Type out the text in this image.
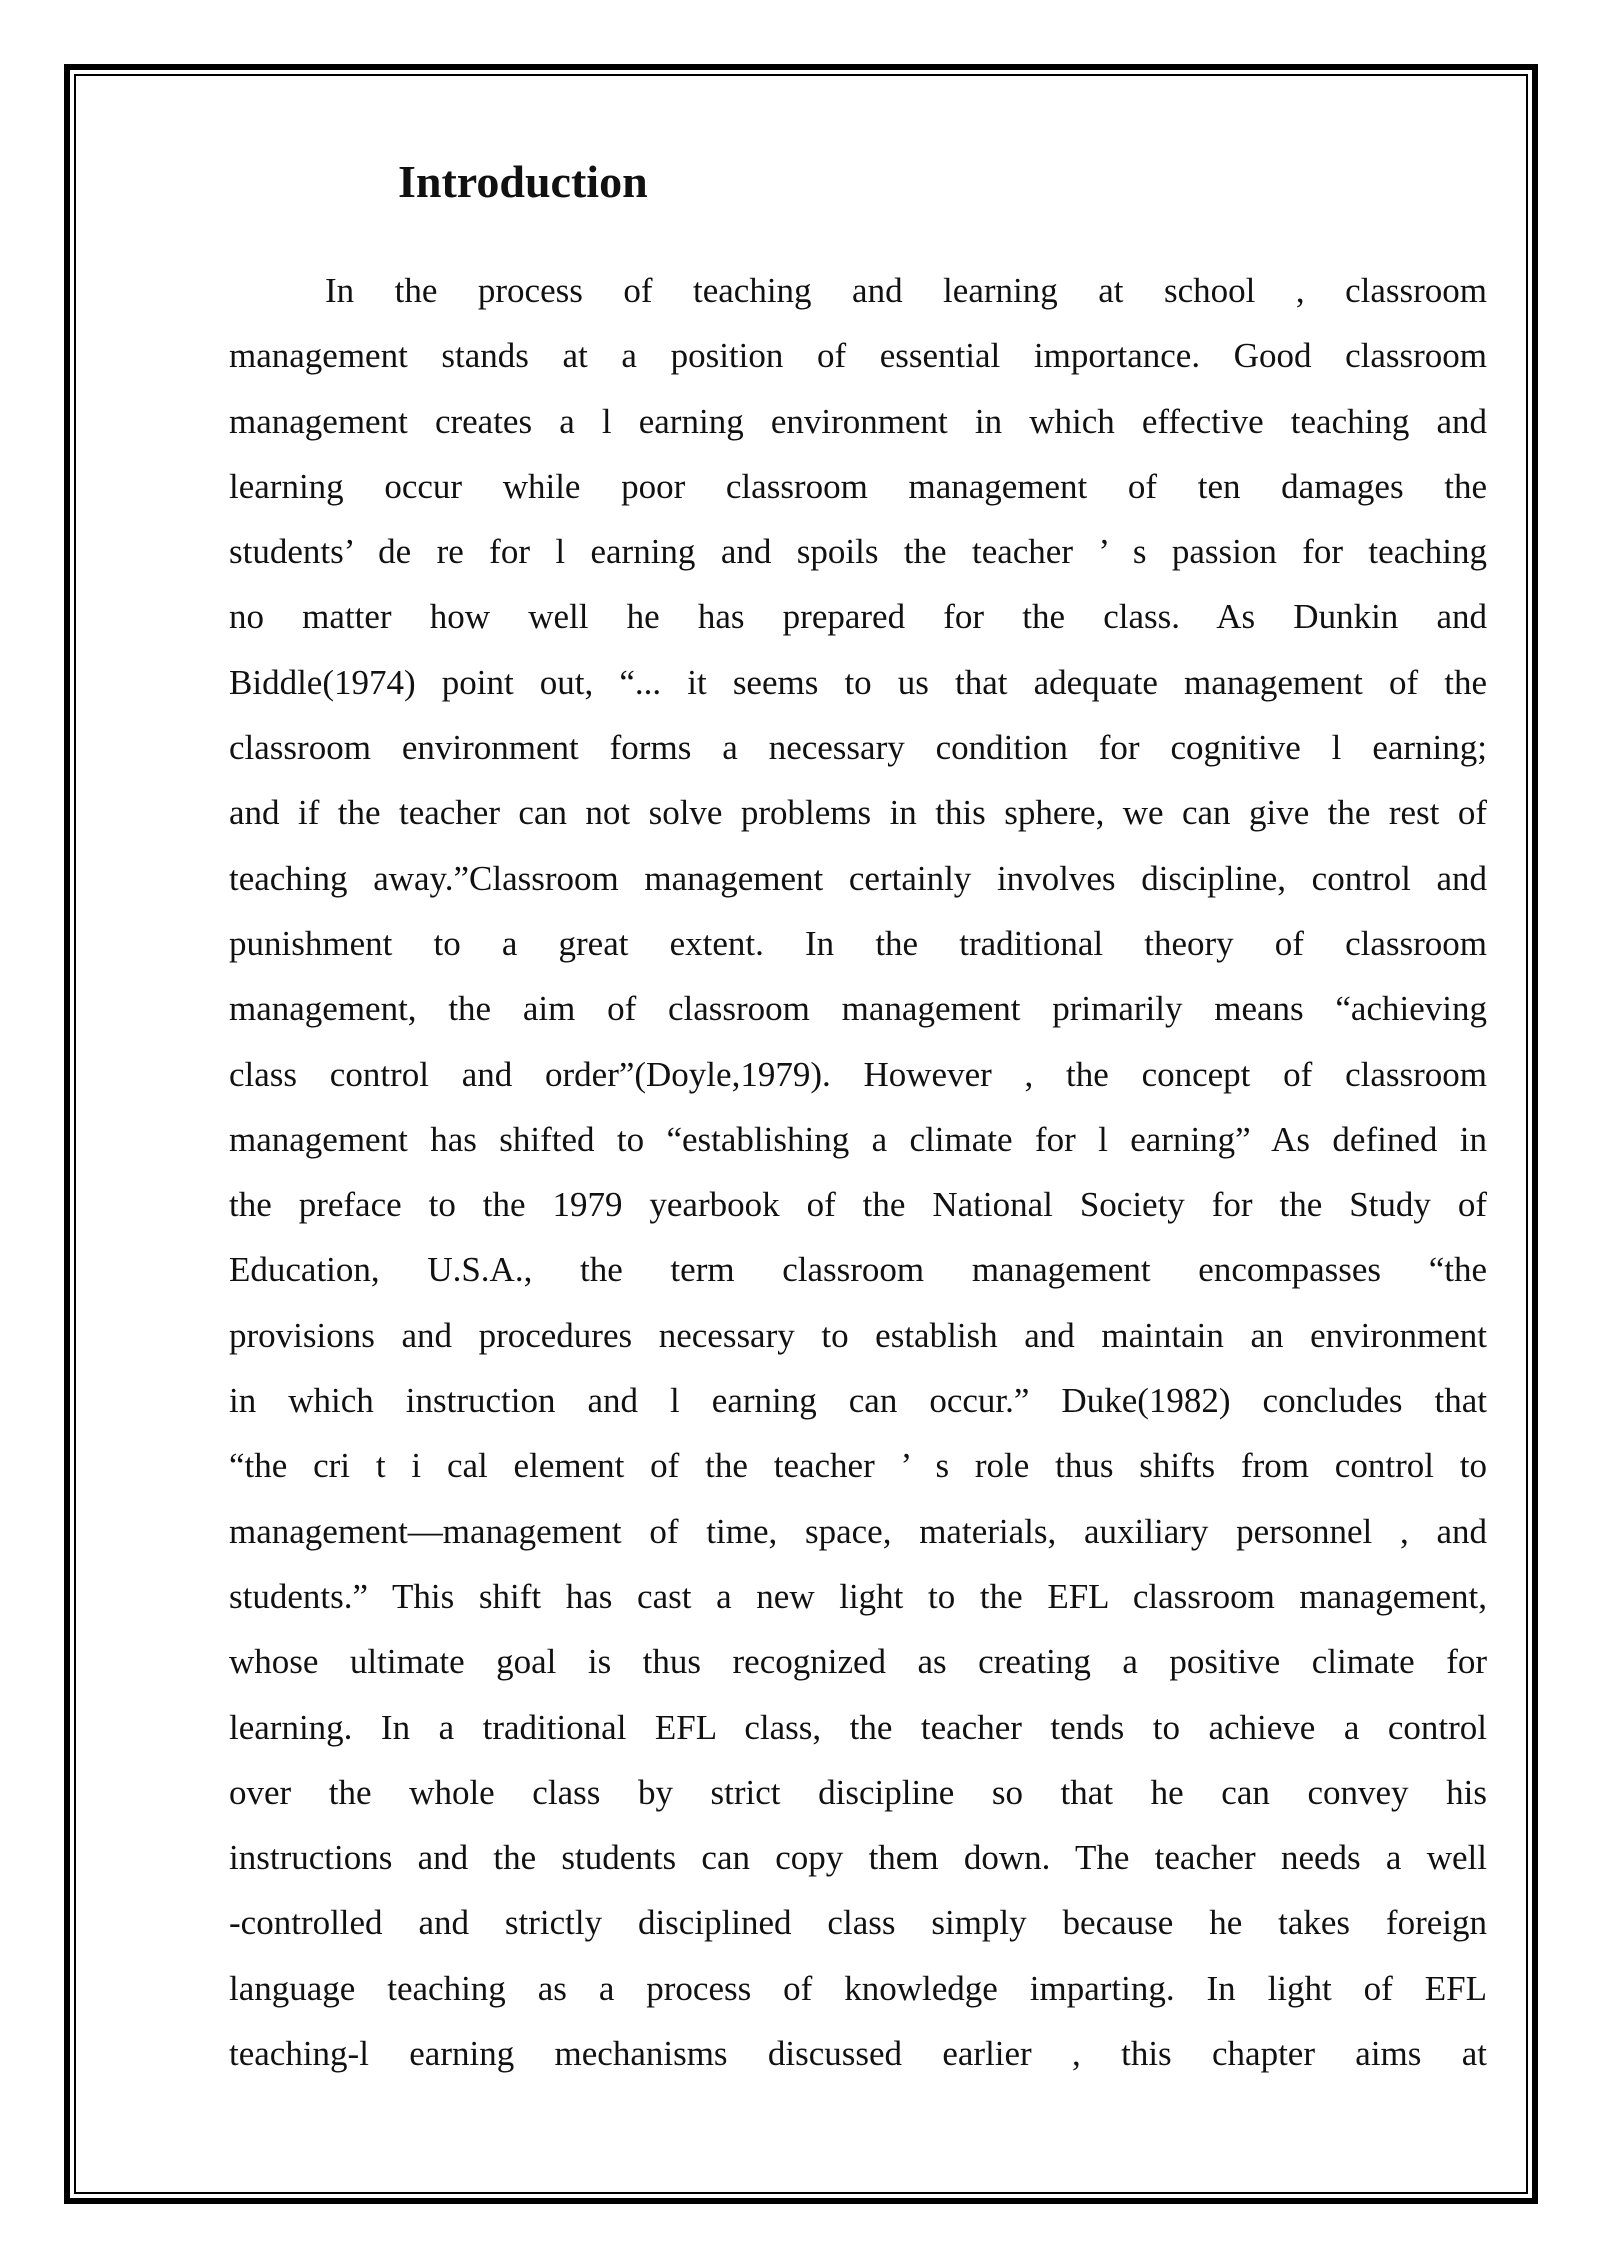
Introduction
In the process of teaching and learning at school , classroom
management stands at a position of essential importance. Good classroom
management creates a l earning environment in which effective teaching and
learning occur while poor classroom management of ten damages the
students’ de re for l earning and spoils the teacher ’ s passion for teaching
no matter how well he has prepared for the class. As Dunkin and
Biddle(1974) point out, “... it seems to us that adequate management of the
classroom environment forms a necessary condition for cognitive l earning;
and if the teacher can not solve problems in this sphere, we can give the rest of
teaching away.”Classroom management certainly involves discipline, control and
punishment to a great extent. In the traditional theory of classroom
management, the aim of classroom management primarily means “achieving
class control and order”(Doyle,1979). However , the concept of classroom
management has shifted to “establishing a climate for l earning” As defined in
the preface to the 1979 yearbook of the National Society for the Study of
Education, U.S.A., the term classroom management encompasses “the
provisions and procedures necessary to establish and maintain an environment
in which instruction and l earning can occur.” Duke(1982) concludes that
“the cri t i cal element of the teacher ’ s role thus shifts from control to
management—management of time, space, materials, auxiliary personnel , and
students.” This shift has cast a new light to the EFL classroom management,
whose ultimate goal is thus recognized as creating a positive climate for
learning. In a traditional EFL class, the teacher tends to achieve a control
over the whole class by strict discipline so that he can convey his
instructions and the students can copy them down. The teacher needs a well
-controlled and strictly disciplined class simply because he takes foreign
language teaching as a process of knowledge imparting. In light of EFL
teaching-l earning mechanisms discussed earlier , this chapter aims at
